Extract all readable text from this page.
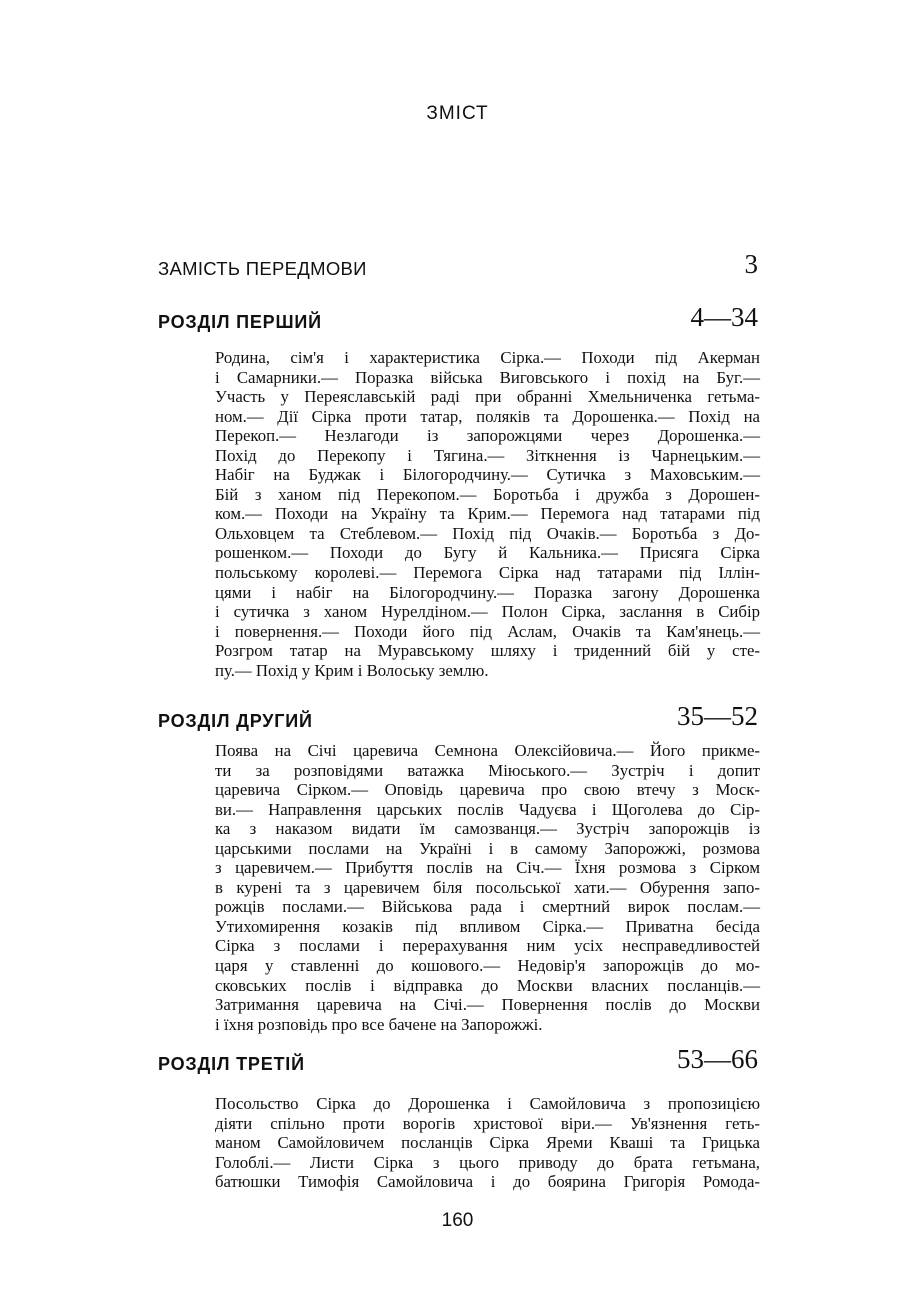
ЗМІСТ
ЗАМІСТЬ ПЕРЕДМОВИ	3
РОЗДІЛ ПЕРШИЙ	4—34
Родина, сім'я і характеристика Сірка.— Походи під Акерман
і Самарники.— Поразка війська Виговського і похід на Буг.—
Участь у Переяславській раді при обранні Хмельниченка гетьма-
ном.— Дії Сірка проти татар, поляків та Дорошенка.— Похід на
Перекоп.— Незлагоди із запорожцями через Дорошенка.—
Похід до Перекопу і Тягина.— Зіткнення із Чарнецьким.—
Набіг на Буджак і Білогородчину.— Сутичка з Маховським.—
Бій з ханом під Перекопом.— Боротьба і дружба з Дорошен-
ком.— Походи на Україну та Крим.— Перемога над татарами під
Ольховцем та Стеблевом.— Похід під Очаків.— Боротьба з До-
рошенком.— Походи до Бугу й Кальника.— Присяга Сірка
польському королеві.— Перемога Сірка над татарами під Іллін-
цями і набіг на Білогородчину.— Поразка загону Дорошенка
і сутичка з ханом Нурелдіном.— Полон Сірка, заслання в Сибір
і повернення.— Походи його під Аслам, Очаків та Кам'янець.—
Розгром татар на Муравському шляху і триденний бій у сте-
пу.— Похід у Крим і Волоську землю.
РОЗДІЛ ДРУГИЙ	35—52
Поява на Січі царевича Семнона Олексійовича.— Його прикме-
ти за розповідями ватажка Міюського.— Зустріч і допит
царевича Сірком.— Оповідь царевича про свою втечу з Моск-
ви.— Направлення царських послів Чадуєва і Щоголева до Сір-
ка з наказом видати їм самозванця.— Зустріч запорожців із
царськими послами на Україні і в самому Запорожжі, розмова
з царевичем.— Прибуття послів на Січ.— Їхня розмова з Сірком
в курені та з царевичем біля посольської хати.— Обурення запо-
рожців послами.— Військова рада і смертний вирок послам.—
Утихомирення козаків під впливом Сірка.— Приватна бесіда
Сірка з послами і перерахування ним усіх несправедливостей
царя у ставленні до кошового.— Недовір'я запорожців до мо-
сковських послів і відправка до Москви власних посланців.—
Затримання царевича на Січі.— Повернення послів до Москви
і їхня розповідь про все бачене на Запорожжі.
РОЗДІЛ ТРЕТІЙ	53—66
Посольство Сірка до Дорошенка і Самойловича з пропозицією
діяти спільно проти ворогів христової віри.— Ув'язнення геть-
маном Самойловичем посланців Сірка Яреми Кваші та Грицька
Голоблі.— Листи Сірка з цього приводу до брата гетьмана,
батюшки Тимофія Самойловича і до боярина Григорія Ромода-
160
